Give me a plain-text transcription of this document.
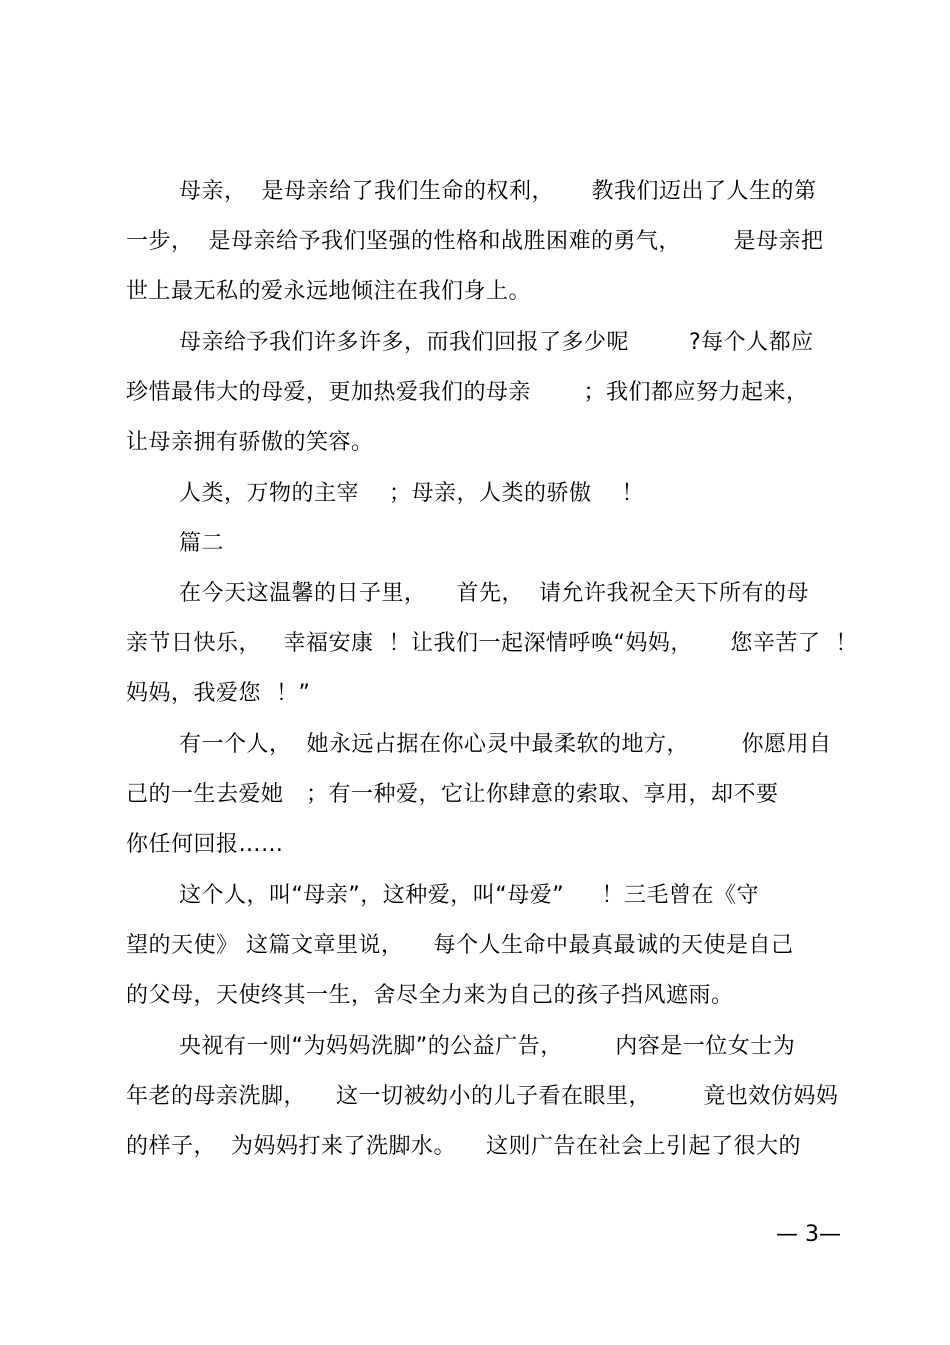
母亲，  是母亲给了我们生命的权利，     教我们迈出了人生的第
一步，  是母亲给予我们坚强的性格和战胜困难的勇气，       是母亲把
世上最无私的爱永远地倾注在我们身上。
母亲给予我们许多许多，而我们回报了多少呢        ?每个人都应
珍惜最伟大的母爱，更加热爱我们的母亲       ；我们都应努力起来，
让母亲拥有骄傲的笑容。
人类，万物的主宰    ；母亲，人类的骄傲    ！
篇二
在今天这温馨的日子里，    首先，  请允许我祝全天下所有的母
亲节日快乐，   幸福安康  ！让我们一起深情呼唤“妈妈，     您辛苦了  ！
妈妈，我爱您  ！”
有一个人，  她永远占据在你心灵中最柔软的地方，       你愿用自
己的一生去爱她   ；有一种爱，它让你肆意的索取、享用，却不要
你任何回报……
这个人，叫“母亲”，这种爱，叫“母爱”     ！三毛曾在《守
望的天使》 这篇文章里说，    每个人生命中最真最诚的天使是自己
的父母，天使终其一生，舍尽全力来为自己的孩子挡风遮雨。
央视有一则“为妈妈洗脚”的公益广告，       内容是一位女士为
年老的母亲洗脚，    这一切被幼小的儿子看在眼里，       竟也效仿妈妈
的样子，  为妈妈打来了洗脚水。    这则广告在社会上引起了很大的
— 3—
